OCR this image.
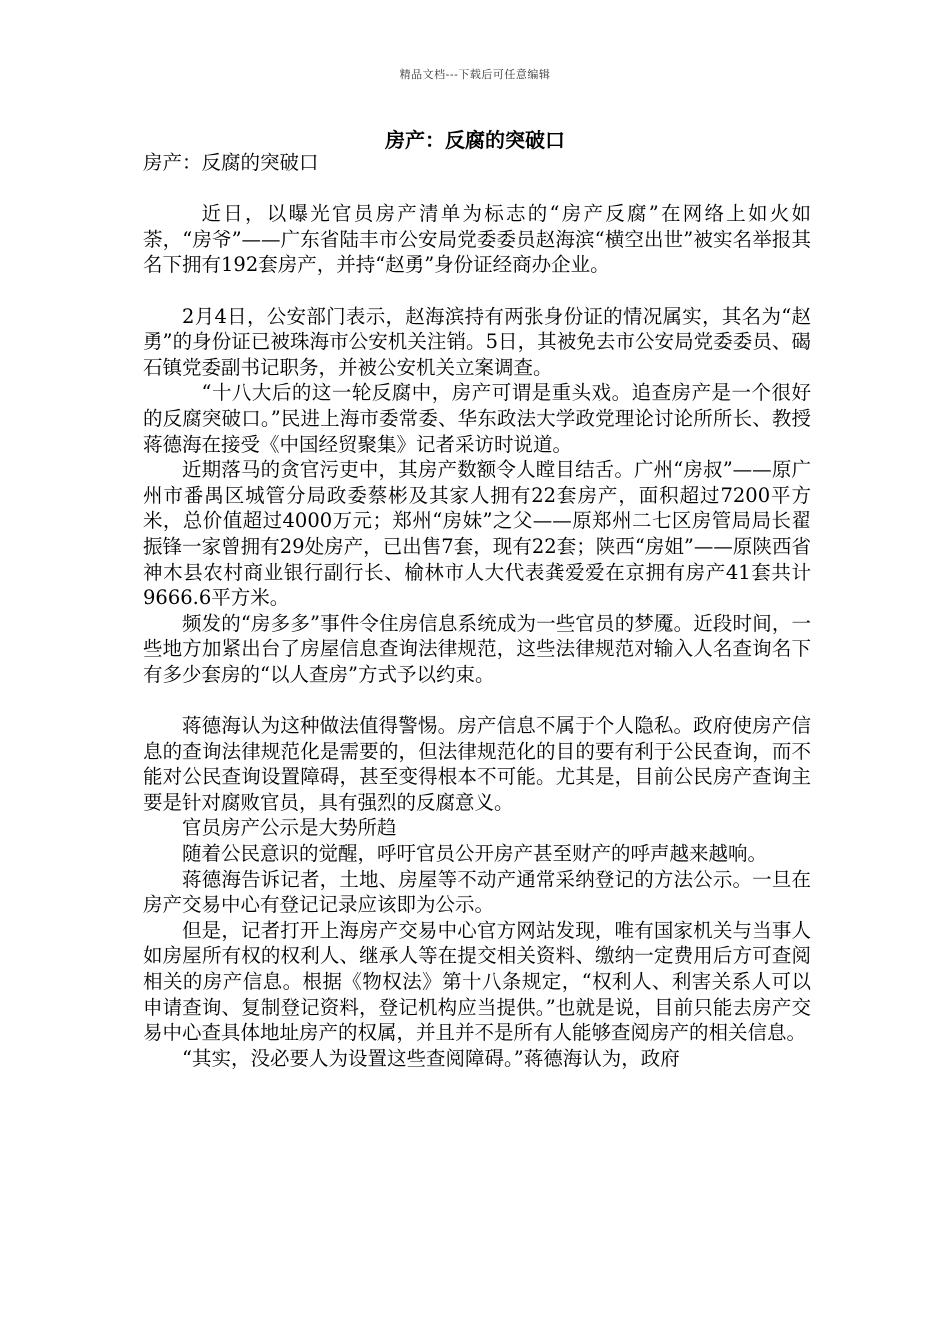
精品文档---下载后可任意编辑
房产：反腐的突破口

房产：反腐的突破口

近日，以曝光官员房产清单为标志的“房产反腐”在网络上如火如荼，“房爷”——广东省陆丰市公安局党委委员赵海滨“横空出世”被实名举报其名下拥有192套房产，并持“赵勇”身份证经商办企业。

2月4日，公安部门表示，赵海滨持有两张身份证的情况属实，其名为“赵勇”的身份证已被珠海市公安机关注销。5日，其被免去市公安局党委委员、碣石镇党委副书记职务，并被公安机关立案调查。

“十八大后的这一轮反腐中，房产可谓是重头戏。追查房产是一个很好的反腐突破口。”民进上海市委常委、华东政法大学政党理论讨论所所长、教授蒋德海在接受《中国经贸聚集》记者采访时说道。

近期落马的贪官污吏中，其房产数额令人瞠目结舌。广州“房叔”——原广州市番禺区城管分局政委蔡彬及其家人拥有22套房产，面积超过7200平方米，总价值超过4000万元；郑州“房妹”之父——原郑州二七区房管局局长翟振锋一家曾拥有29处房产，已出售7套，现有22套；陕西“房姐”——原陕西省神木县农村商业银行副行长、榆林市人大代表龚爱爱在京拥有房产41套共计9666.6平方米。

频发的“房多多”事件令住房信息系统成为一些官员的梦魇。近段时间，一些地方加紧出台了房屋信息查询法律规范，这些法律规范对输入人名查询名下有多少套房的“以人查房”方式予以约束。

蒋德海认为这种做法值得警惕。房产信息不属于个人隐私。政府使房产信息的查询法律规范化是需要的，但法律规范化的目的要有利于公民查询，而不能对公民查询设置障碍，甚至变得根本不可能。尤其是，目前公民房产查询主要是针对腐败官员，具有强烈的反腐意义。

官员房产公示是大势所趋

随着公民意识的觉醒，呼吁官员公开房产甚至财产的呼声越来越响。

蒋德海告诉记者，土地、房屋等不动产通常采纳登记的方法公示。一旦在房产交易中心有登记记录应该即为公示。

但是，记者打开上海房产交易中心官方网站发现，唯有国家机关与当事人如房屋所有权的权利人、继承人等在提交相关资料、缴纳一定费用后方可查阅相关的房产信息。根据《物权法》第十八条规定，“权利人、利害关系人可以申请查询、复制登记资料，登记机构应当提供。”也就是说，目前只能去房产交易中心查具体地址房产的权属，并且并不是所有人能够查阅房产的相关信息。

“其实，没必要人为设置这些查阅障碍。”蒋德海认为，政府
